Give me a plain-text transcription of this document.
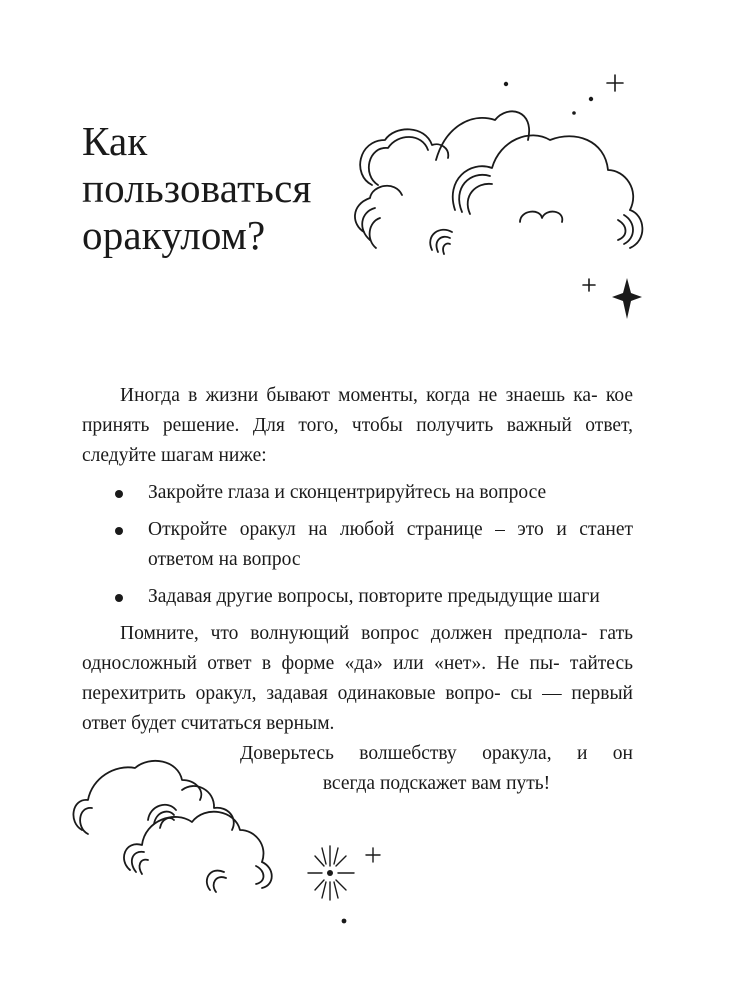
Как
пользоваться
оракулом?

Иногда в жизни бывают моменты, когда не знаешь ка- кое принять решение. Для того, чтобы получить важный ответ, следуйте шагам ниже:

Закройте глаза и сконцентрируйтесь на вопросе
Откройте оракул на любой странице – это и станет ответом на вопрос
Задавая другие вопросы, повторите предыдущие шаги

Помните, что волнующий вопрос должен предпола- гать односложный ответ в форме «да» или «нет». Не пы- тайтесь перехитрить оракул, задавая одинаковые вопро- сы — первый ответ будет считаться верным.

Доверьтесь волшебству оракула, и он
всегда подскажет вам путь!
